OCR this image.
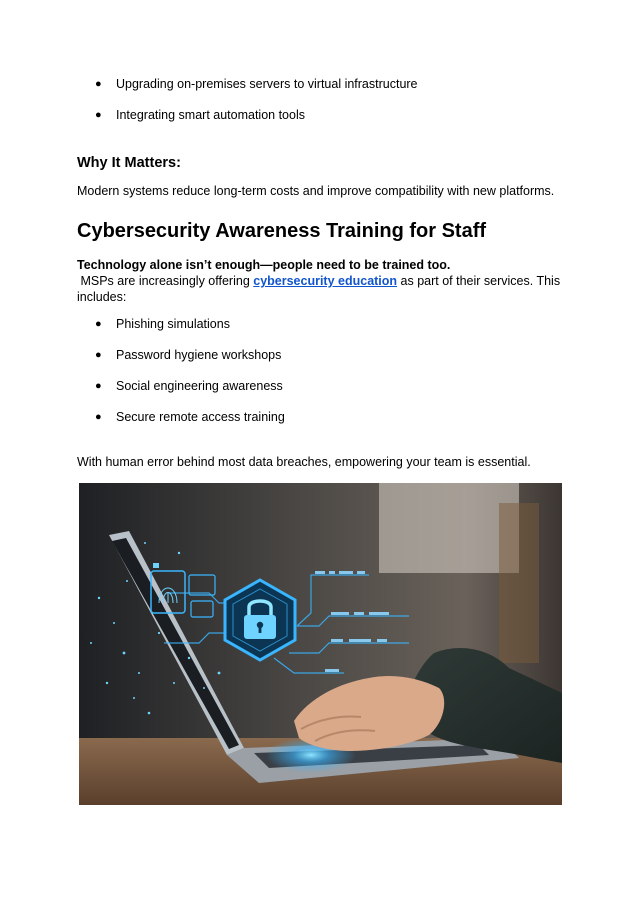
● Upgrading on-premises servers to virtual infrastructure
● Integrating smart automation tools
Why It Matters:
Modern systems reduce long-term costs and improve compatibility with new platforms.
Cybersecurity Awareness Training for Staff
Technology alone isn’t enough—people need to be trained too.
MSPs are increasingly offering cybersecurity education as part of their services. This
includes:
● Phishing simulations
● Password hygiene workshops
● Social engineering awareness
● Secure remote access training
With human error behind most data breaches, empowering your team is essential.
